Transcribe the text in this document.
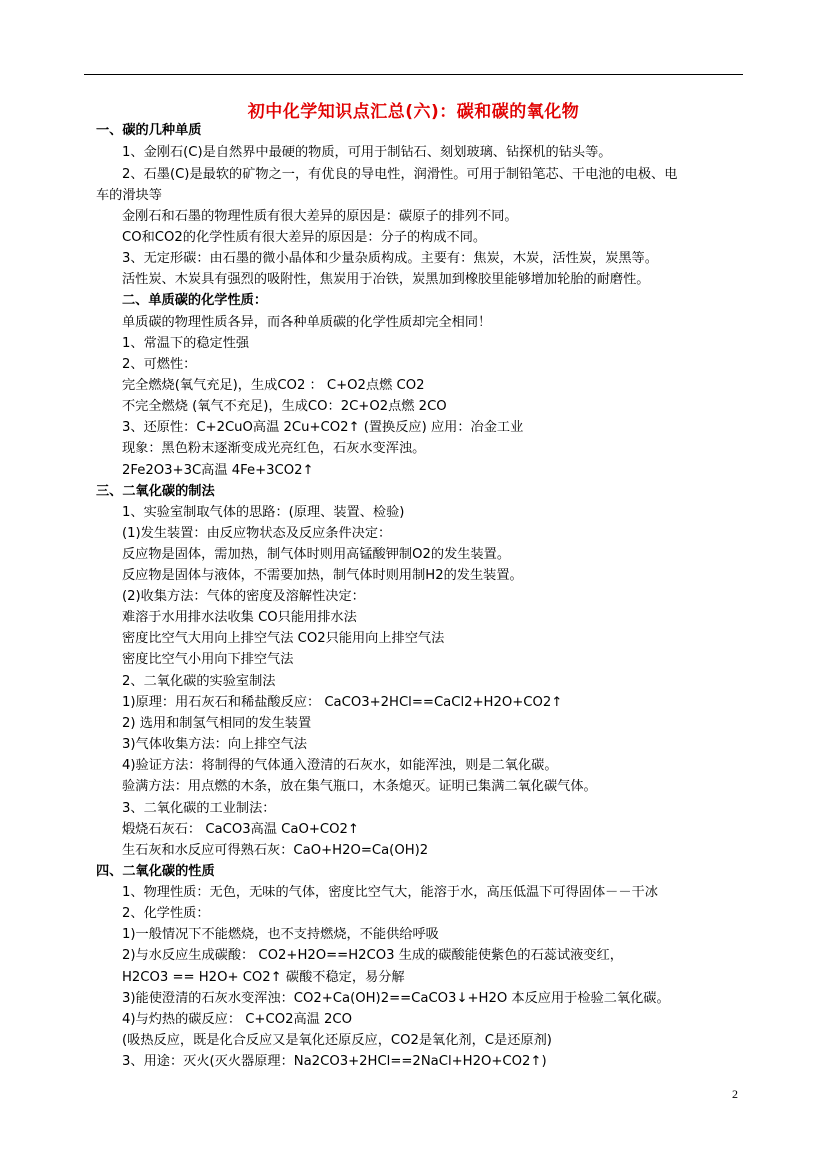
初中化学知识点汇总(六)：碳和碳的氧化物
一、碳的几种单质
1、金刚石(C)是自然界中最硬的物质，可用于制钻石、刻划玻璃、钻探机的钻头等。
2、石墨(C)是最软的矿物之一，有优良的导电性，润滑性。可用于制铅笔芯、干电池的电极、电
车的滑块等
金刚石和石墨的物理性质有很大差异的原因是：碳原子的排列不同。
CO和CO2的化学性质有很大差异的原因是：分子的构成不同。
3、无定形碳：由石墨的微小晶体和少量杂质构成。主要有：焦炭，木炭，活性炭，炭黑等。
活性炭、木炭具有强烈的吸附性，焦炭用于冶铁，炭黑加到橡胶里能够增加轮胎的耐磨性。
二、单质碳的化学性质：
单质碳的物理性质各异，而各种单质碳的化学性质却完全相同！
1、常温下的稳定性强
2、可燃性：
完全燃烧(氧气充足)，生成CO2 ： C+O2点燃 CO2
不完全燃烧 (氧气不充足)，生成CO：2C+O2点燃 2CO
3、还原性：C+2CuO高温 2Cu+CO2↑ (置换反应) 应用：冶金工业
现象：黑色粉末逐渐变成光亮红色，石灰水变浑浊。
2Fe2O3+3C高温 4Fe+3CO2↑
三、二氧化碳的制法
1、实验室制取气体的思路：(原理、装置、检验)
(1)发生装置：由反应物状态及反应条件决定：
反应物是固体，需加热，制气体时则用高锰酸钾制O2的发生装置。
反应物是固体与液体，不需要加热，制气体时则用制H2的发生装置。
(2)收集方法：气体的密度及溶解性决定：
难溶于水用排水法收集 CO只能用排水法
密度比空气大用向上排空气法 CO2只能用向上排空气法
密度比空气小用向下排空气法
2、二氧化碳的实验室制法
1)原理：用石灰石和稀盐酸反应： CaCO3+2HCl==CaCl2+H2O+CO2↑
2) 选用和制氢气相同的发生装置
3)气体收集方法：向上排空气法
4)验证方法：将制得的气体通入澄清的石灰水，如能浑浊，则是二氧化碳。
验满方法：用点燃的木条，放在集气瓶口，木条熄灭。证明已集满二氧化碳气体。
3、二氧化碳的工业制法：
煅烧石灰石： CaCO3高温 CaO+CO2↑
生石灰和水反应可得熟石灰：CaO+H2O=Ca(OH)2
四、二氧化碳的性质
1、物理性质：无色，无味的气体，密度比空气大，能溶于水，高压低温下可得固体－－干冰
2、化学性质：
1)一般情况下不能燃烧，也不支持燃烧，不能供给呼吸
2)与水反应生成碳酸： CO2+H2O==H2CO3 生成的碳酸能使紫色的石蕊试液变红，
H2CO3 == H2O+ CO2↑ 碳酸不稳定，易分解
3)能使澄清的石灰水变浑浊：CO2+Ca(OH)2==CaCO3↓+H2O 本反应用于检验二氧化碳。
4)与灼热的碳反应： C+CO2高温 2CO
(吸热反应，既是化合反应又是氧化还原反应，CO2是氧化剂，C是还原剂)
3、用途：灭火(灭火器原理：Na2CO3+2HCl==2NaCl+H2O+CO2↑)
2
